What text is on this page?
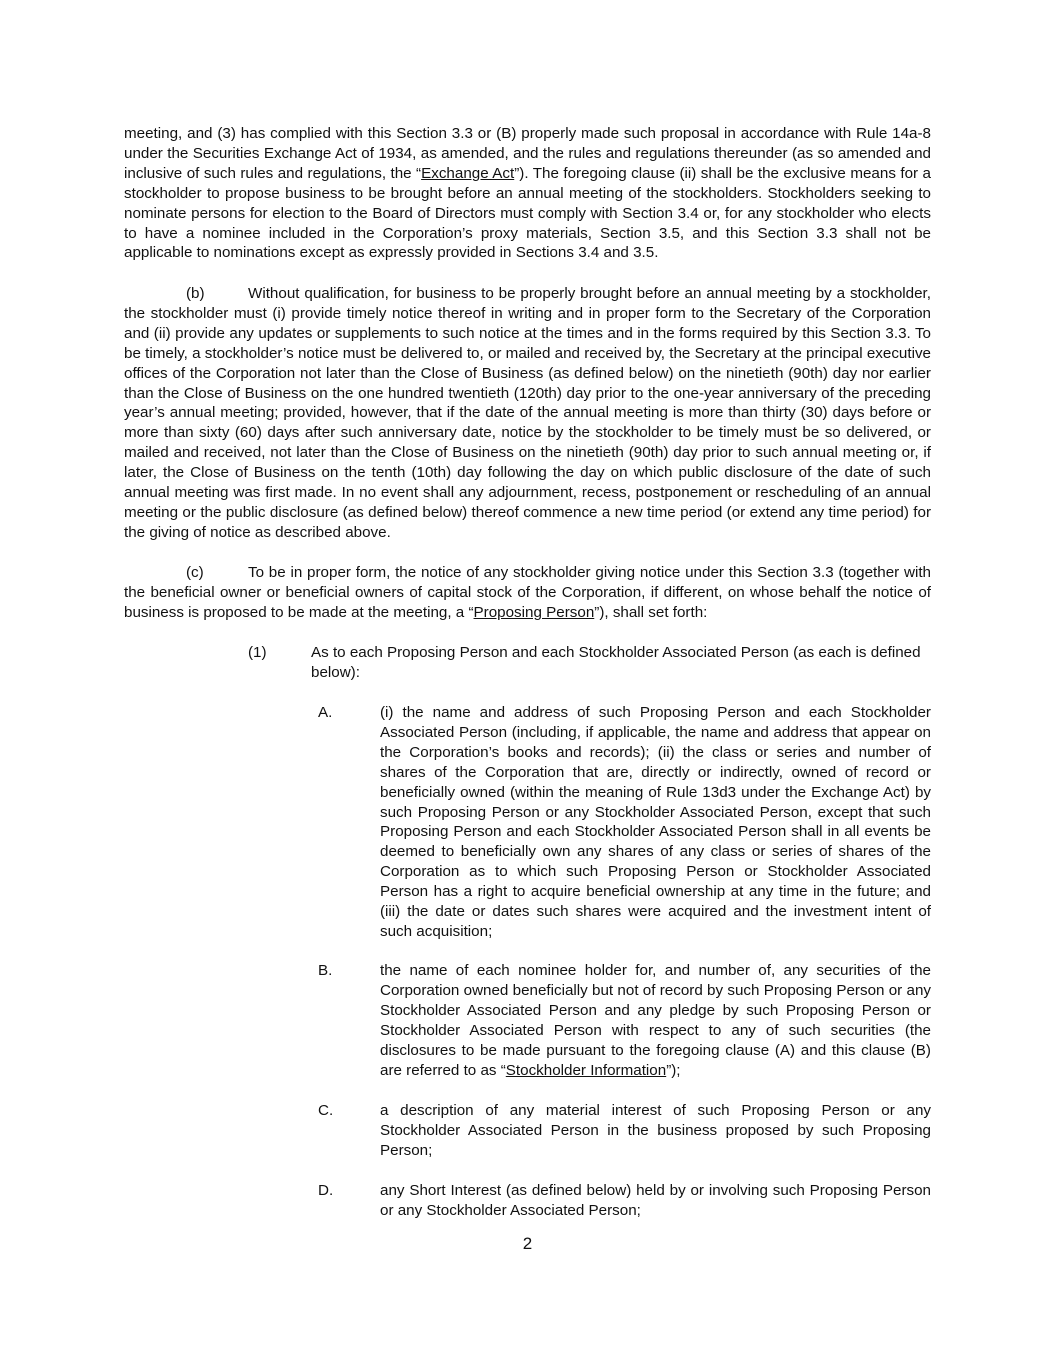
meeting, and (3) has complied with this Section 3.3 or (B) properly made such proposal in accordance with Rule 14a-8 under the Securities Exchange Act of 1934, as amended, and the rules and regulations thereunder (as so amended and inclusive of such rules and regulations, the “Exchange Act”). The foregoing clause (ii) shall be the exclusive means for a stockholder to propose business to be brought before an annual meeting of the stockholders. Stockholders seeking to nominate persons for election to the Board of Directors must comply with Section 3.4 or, for any stockholder who elects to have a nominee included in the Corporation’s proxy materials, Section 3.5, and this Section 3.3 shall not be applicable to nominations except as expressly provided in Sections 3.4 and 3.5.
(b)	Without qualification, for business to be properly brought before an annual meeting by a stockholder, the stockholder must (i) provide timely notice thereof in writing and in proper form to the Secretary of the Corporation and (ii) provide any updates or supplements to such notice at the times and in the forms required by this Section 3.3. To be timely, a stockholder’s notice must be delivered to, or mailed and received by, the Secretary at the principal executive offices of the Corporation not later than the Close of Business (as defined below) on the ninetieth (90th) day nor earlier than the Close of Business on the one hundred twentieth (120th) day prior to the one-year anniversary of the preceding year’s annual meeting; provided, however, that if the date of the annual meeting is more than thirty (30) days before or more than sixty (60) days after such anniversary date, notice by the stockholder to be timely must be so delivered, or mailed and received, not later than the Close of Business on the ninetieth (90th) day prior to such annual meeting or, if later, the Close of Business on the tenth (10th) day following the day on which public disclosure of the date of such annual meeting was first made. In no event shall any adjournment, recess, postponement or rescheduling of an annual meeting or the public disclosure (as defined below) thereof commence a new time period (or extend any time period) for the giving of notice as described above.
(c)	To be in proper form, the notice of any stockholder giving notice under this Section 3.3 (together with the beneficial owner or beneficial owners of capital stock of the Corporation, if different, on whose behalf the notice of business is proposed to be made at the meeting, a “Proposing Person”), shall set forth:
(1)	As to each Proposing Person and each Stockholder Associated Person (as each is defined below):
A.	(i) the name and address of such Proposing Person and each Stockholder Associated Person (including, if applicable, the name and address that appear on the Corporation’s books and records); (ii) the class or series and number of shares of the Corporation that are, directly or indirectly, owned of record or beneficially owned (within the meaning of Rule 13d3 under the Exchange Act) by such Proposing Person or any Stockholder Associated Person, except that such Proposing Person and each Stockholder Associated Person shall in all events be deemed to beneficially own any shares of any class or series of shares of the Corporation as to which such Proposing Person or Stockholder Associated Person has a right to acquire beneficial ownership at any time in the future; and (iii) the date or dates such shares were acquired and the investment intent of such acquisition;
B.	the name of each nominee holder for, and number of, any securities of the Corporation owned beneficially but not of record by such Proposing Person or any Stockholder Associated Person and any pledge by such Proposing Person or Stockholder Associated Person with respect to any of such securities (the disclosures to be made pursuant to the foregoing clause (A) and this clause (B) are referred to as “Stockholder Information”);
C.	a description of any material interest of such Proposing Person or any Stockholder Associated Person in the business proposed by such Proposing Person;
D.	any Short Interest (as defined below) held by or involving such Proposing Person or any Stockholder Associated Person;
2
